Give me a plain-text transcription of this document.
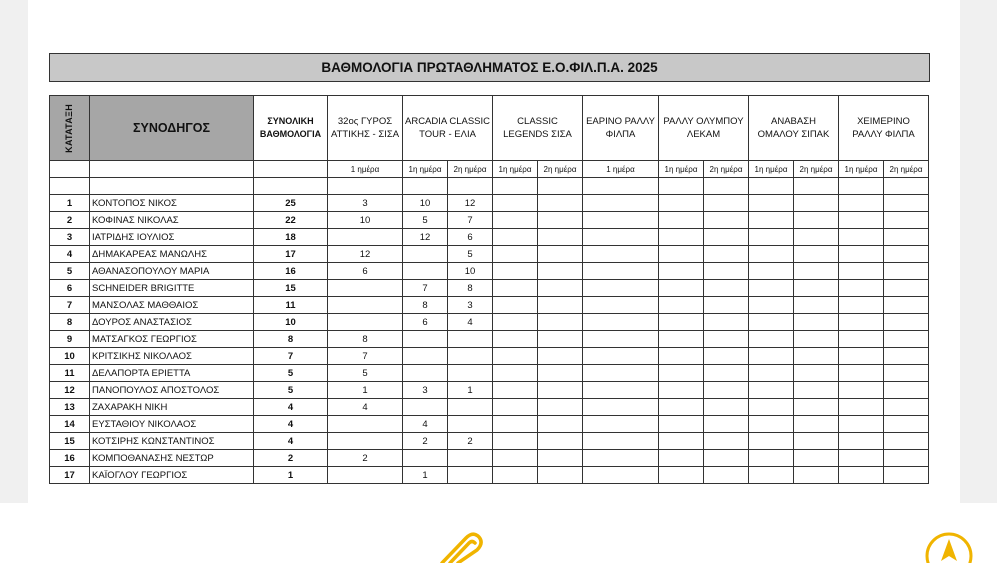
ΒΑΘΜΟΛΟΓΙΑ ΠΡΩΤΑΘΛΗΜΑΤΟΣ Ε.Ο.ΦΙΛ.Π.Α. 2025
ΚΑΤΑΤΑΞΗ	ΣΥΝΟΔΗΓΟΣ	ΣΥΝΟΛΙΚΗ ΒΑΘΜΟΛΟΓΙΑ	32ος ΓΥΡΟΣ ΑΤΤΙΚΗΣ - ΣΙΣΑ	ARCADIA CLASSIC TOUR - ΕΛΙΑ		CLASSIC LEGENDS ΣΙΣΑ		ΕΑΡΙΝΟ ΡΑΛΛΥ ΦΙΛΠΑ	ΡΑΛΛΥ ΟΛΥΜΠΟΥ ΛΕΚΑΜ		ΑΝΑΒΑΣΗ ΟΜΑΛΟΥ ΣΙΠΑΚ		ΧΕΙΜΕΡΙΝΟ ΡΑΛΛΥ ΦΙΛΠΑ	
			1 ημέρα	1η ημέρα	2η ημέρα	1η ημέρα	2η ημέρα	1 ημέρα	1η ημέρα	2η ημέρα	1η ημέρα	2η ημέρα	1η ημέρα	2η ημέρα

1	ΚΟΝΤΟΠΟΣ ΝΙΚΟΣ	25	3	10	12									
2	ΚΟΦΙΝΑΣ ΝΙΚΟΛΑΣ	22	10	5	7									
3	ΙΑΤΡΙΔΗΣ ΙΟΥΛΙΟΣ	18		12	6									
4	ΔΗΜΑΚΑΡΕΑΣ ΜΑΝΩΛΗΣ	17	12		5									
5	ΑΘΑΝΑΣΟΠΟΥΛΟΥ ΜΑΡΙΑ	16	6		10									
6	SCHNEIDER BRIGITTE	15		7	8									
7	ΜΑΝΣΟΛΑΣ ΜΑΘΘΑΙΟΣ	11		8	3									
8	ΔΟΥΡΟΣ ΑΝΑΣΤΑΣΙΟΣ	10		6	4									
9	ΜΑΤΣΑΓΚΟΣ ΓΕΩΡΓΙΟΣ	8	8											
10	ΚΡΙΤΣΙΚΗΣ ΝΙΚΟΛΑΟΣ	7	7											
11	ΔΕΛΑΠΟΡΤΑ ΕΡΙΕΤΤΑ	5	5											
12	ΠΑΝΟΠΟΥΛΟΣ ΑΠΟΣΤΟΛΟΣ	5	1	3	1									
13	ΖΑΧΑΡΑΚΗ ΝΙΚΗ	4	4											
14	ΕΥΣΤΑΘΙΟΥ ΝΙΚΟΛΑΟΣ	4		4										
15	ΚΟΤΣΙΡΗΣ ΚΩΝΣΤΑΝΤΙΝΟΣ	4		2	2									
16	ΚΟΜΠΟΘΑΝΑΣΗΣ ΝΕΣΤΩΡ	2	2											
17	ΚΑΪΟΓΛΟΥ ΓΕΩΡΓΙΟΣ	1		1										
